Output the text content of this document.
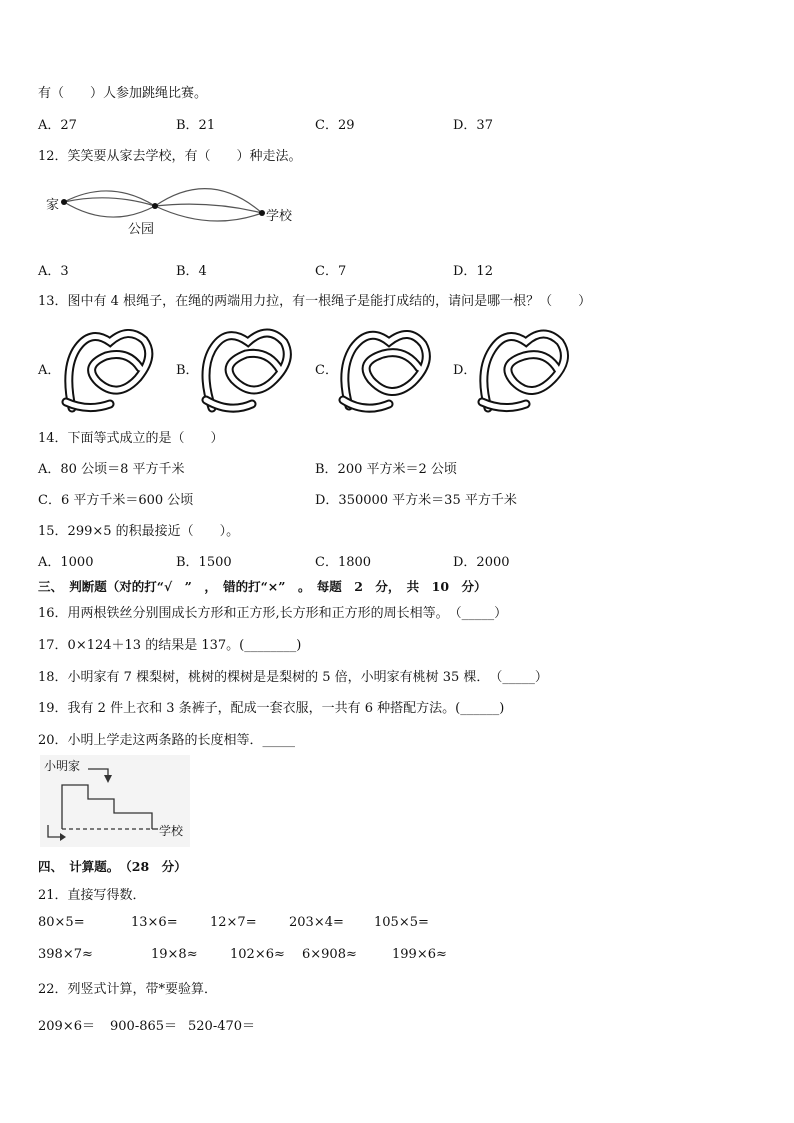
有（　　）人参加跳绳比赛。
A．27	B．21	C．29	D．37
12．笑笑要从家去学校，有（　　）种走法。
家
公园
学校
A．3	B．4	C．7	D．12
13．图中有 4 根绳子，在绳的两端用力拉，有一根绳子是能打成结的，请问是哪一根？（　　）
A．	B．	C．	D．
14．下面等式成立的是（　　）
A．80 公顷＝8 平方千米	B．200 平方米＝2 公顷
C．6 平方千米＝600 公顷	D．350000 平方米＝35 平方千米
15．299×5 的积最接近（　　）。
A．1000	B．1500	C．1800	D．2000
三、　判断题（对的打“√　”　，　错的打“×”　。　每题　2　分，　共　10　分）
16．用两根铁丝分别围成长方形和正方形,长方形和正方形的周长相等。　（_____）
17．0×124＋13 的结果是 137。(________)
18．小明家有 7 棵梨树，桃树的棵树是是梨树的 5 倍，小明家有桃树 35 棵．　（_____）
19．我有 2 件上衣和 3 条裤子，配成一套衣服，一共有 6 种搭配方法。(______)
20．小明上学走这两条路的长度相等．_____
小明家
学校
四、　计算题。　（28　分）
21．直接写得数．
80×5=	13×6= 12×7= 203×4= 105×5=
398×7≈	19×8≈ 102×6≈ 6×908≈	199×6≈
22．列竖式计算，带*要验算．
209×6＝ 900-865＝ 520-470＝
